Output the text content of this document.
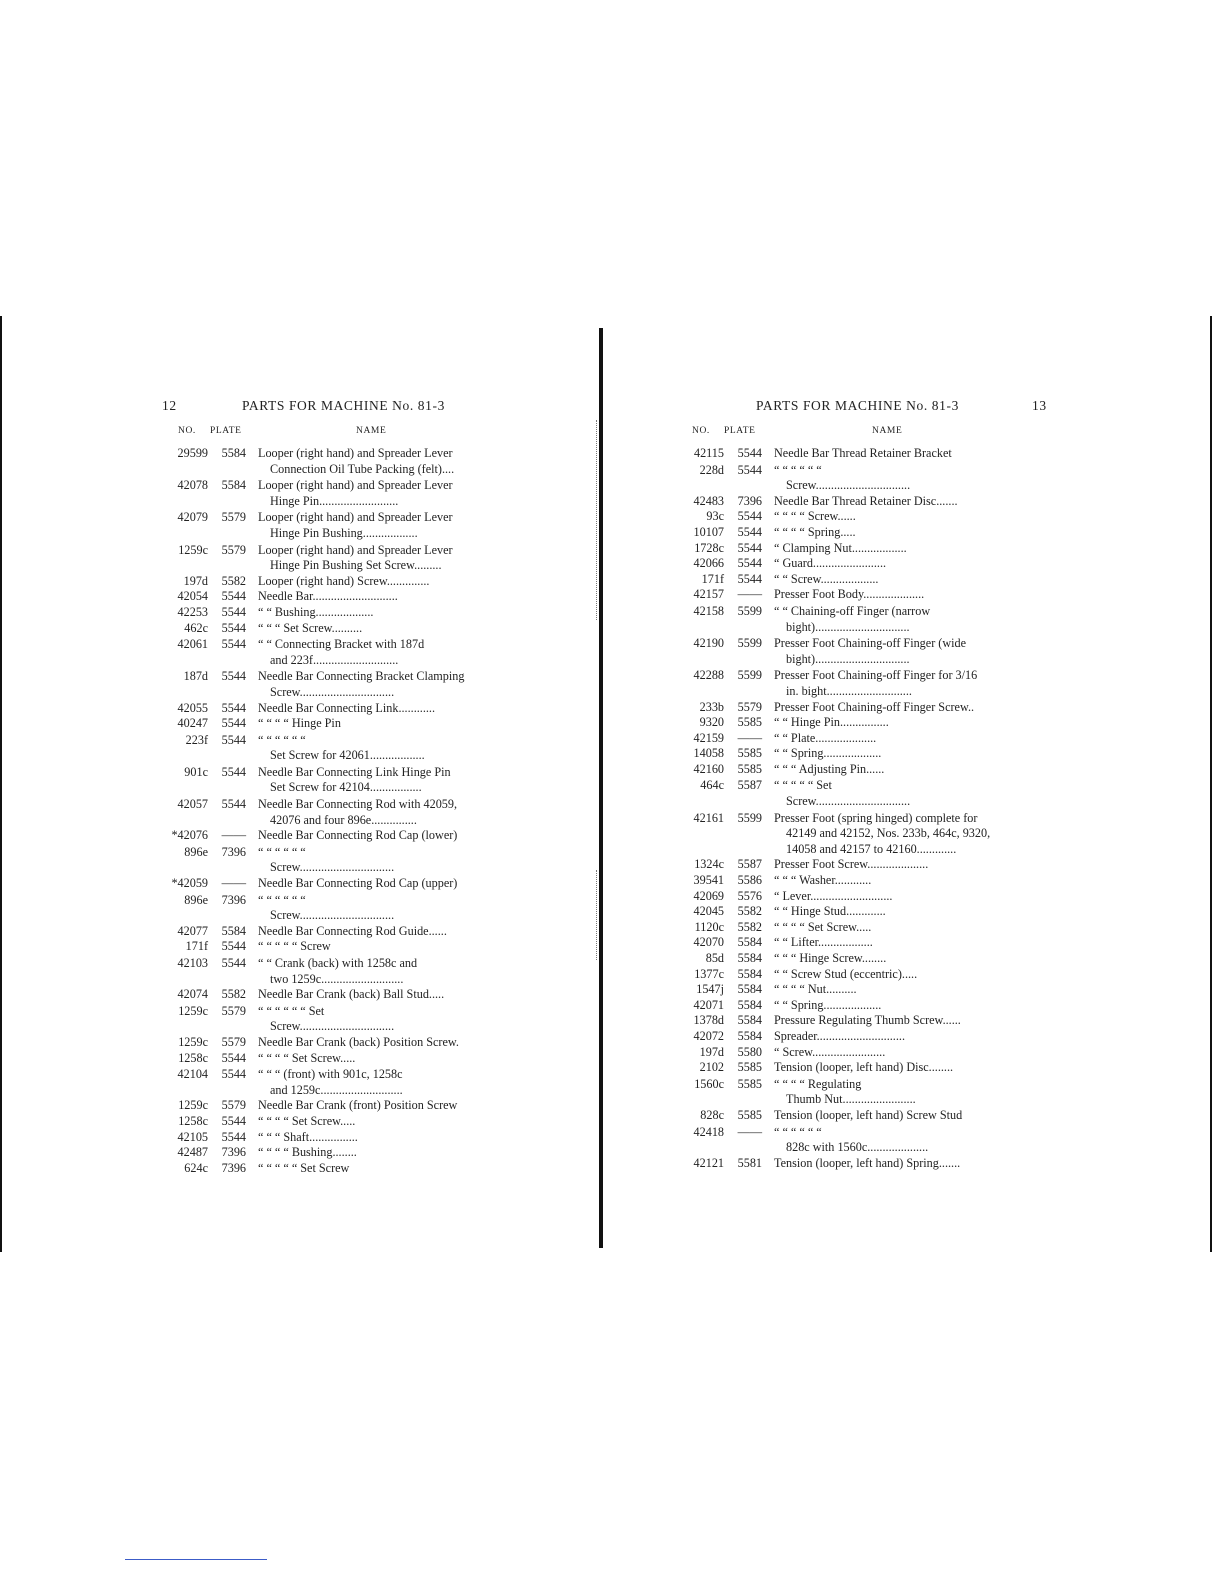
12	PARTS FOR MACHINE No. 81-3
NO. PLATE	NAME
29599	5584 Looper (right hand) and Spreader Lever
Connection Oil Tube Packing (felt)....
42078	5584 Looper (right hand) and Spreader Lever
Hinge Pin..........................
42079	5579 Looper (right hand) and Spreader Lever
Hinge Pin Bushing..................
1259c	5579 Looper (right hand) and Spreader Lever
Hinge Pin Bushing Set Screw.........
197d	5582 Looper (right hand) Screw..............
42054	5544 Needle Bar............................
42253	5544 “ “ Bushing...................
462c	5544 “ “ “ Set Screw..........
42061	5544 “ “ Connecting Bracket with 187d
and 223f............................
187d	5544 Needle Bar Connecting Bracket Clamping
Screw...............................
42055	5544 Needle Bar Connecting Link............
40247	5544 “ “ “ “ Hinge Pin
223f	5544 “ “ “ “ “ “
Set Screw for 42061..................
901c	5544 Needle Bar Connecting Link Hinge Pin
Set Screw for 42104.................
42057	5544 Needle Bar Connecting Rod with 42059,
42076 and four 896e...............
*42076	—— Needle Bar Connecting Rod Cap (lower)
896e	7396 “ “ “ “ “ “
Screw...............................
*42059	—— Needle Bar Connecting Rod Cap (upper)
896e	7396 “ “ “ “ “ “
Screw...............................
42077	5584 Needle Bar Connecting Rod Guide......
171f	5544 “ “ “ “ “ Screw
42103	5544 “ “ Crank (back) with 1258c and
two 1259c...........................
42074	5582 Needle Bar Crank (back) Ball Stud.....
1259c	5579 “ “ “ “ “ “ Set
Screw...............................
1259c	5579 Needle Bar Crank (back) Position Screw.
1258c	5544 “ “ “ “ Set Screw.....
42104	5544 “ “ “ (front) with 901c, 1258c
and 1259c...........................
1259c	5579 Needle Bar Crank (front) Position Screw
1258c	5544 “ “ “ “ Set Screw.....
42105	5544 “ “ “ Shaft................
42487	7396 “ “ “ “ Bushing........
624c	7396 “ “ “ “ “ Set Screw
PARTS FOR MACHINE No. 81-3	13
NO. PLATE	NAME
42115	5544 Needle Bar Thread Retainer Bracket
228d	5544 “ “ “ “ “ “
Screw...............................
42483	7396 Needle Bar Thread Retainer Disc.......
93c	5544 “ “ “ “ Screw......
10107	5544 “ “ “ “ Spring.....
1728c	5544 “ Clamping Nut..................
42066	5544 “ Guard........................
171f	5544 “ “ Screw...................
42157	—— Presser Foot Body....................
42158	5599 “ “ Chaining-off Finger (narrow
bight)...............................
42190	5599 Presser Foot Chaining-off Finger (wide
bight)...............................
42288	5599 Presser Foot Chaining-off Finger for 3/16
in. bight............................
233b	5579 Presser Foot Chaining-off Finger Screw..
9320	5585 “ “ Hinge Pin................
42159	—— “ “ Plate....................
14058	5585 “ “ Spring...................
42160	5585 “ “ “ Adjusting Pin......
464c	5587 “ “ “ “ “ Set
Screw...............................
42161	5599 Presser Foot (spring hinged) complete for
42149 and 42152, Nos. 233b, 464c, 9320,
14058 and 42157 to 42160.............
1324c	5587 Presser Foot Screw....................
39541	5586 “ “ “ Washer............
42069	5576 “ Lever...........................
42045	5582 “ “ Hinge Stud.............
1120c	5582 “ “ “ “ Set Screw.....
42070	5584 “ “ Lifter..................
85d	5584 “ “ “ Hinge Screw........
1377c	5584 “ “ Screw Stud (eccentric).....
1547j	5584 “ “ “ “ Nut..........
42071	5584 “ “ Spring...................
1378d	5584 Pressure Regulating Thumb Screw......
42072	5584 Spreader.............................
197d	5580 “ Screw........................
2102	5585 Tension (looper, left hand) Disc........
1560c	5585 “ “ “ “ Regulating
Thumb Nut........................
828c	5585 Tension (looper, left hand) Screw Stud
42418	—— “ “ “ “ “ “
828c with 1560c....................
42121	5581 Tension (looper, left hand) Spring.......
